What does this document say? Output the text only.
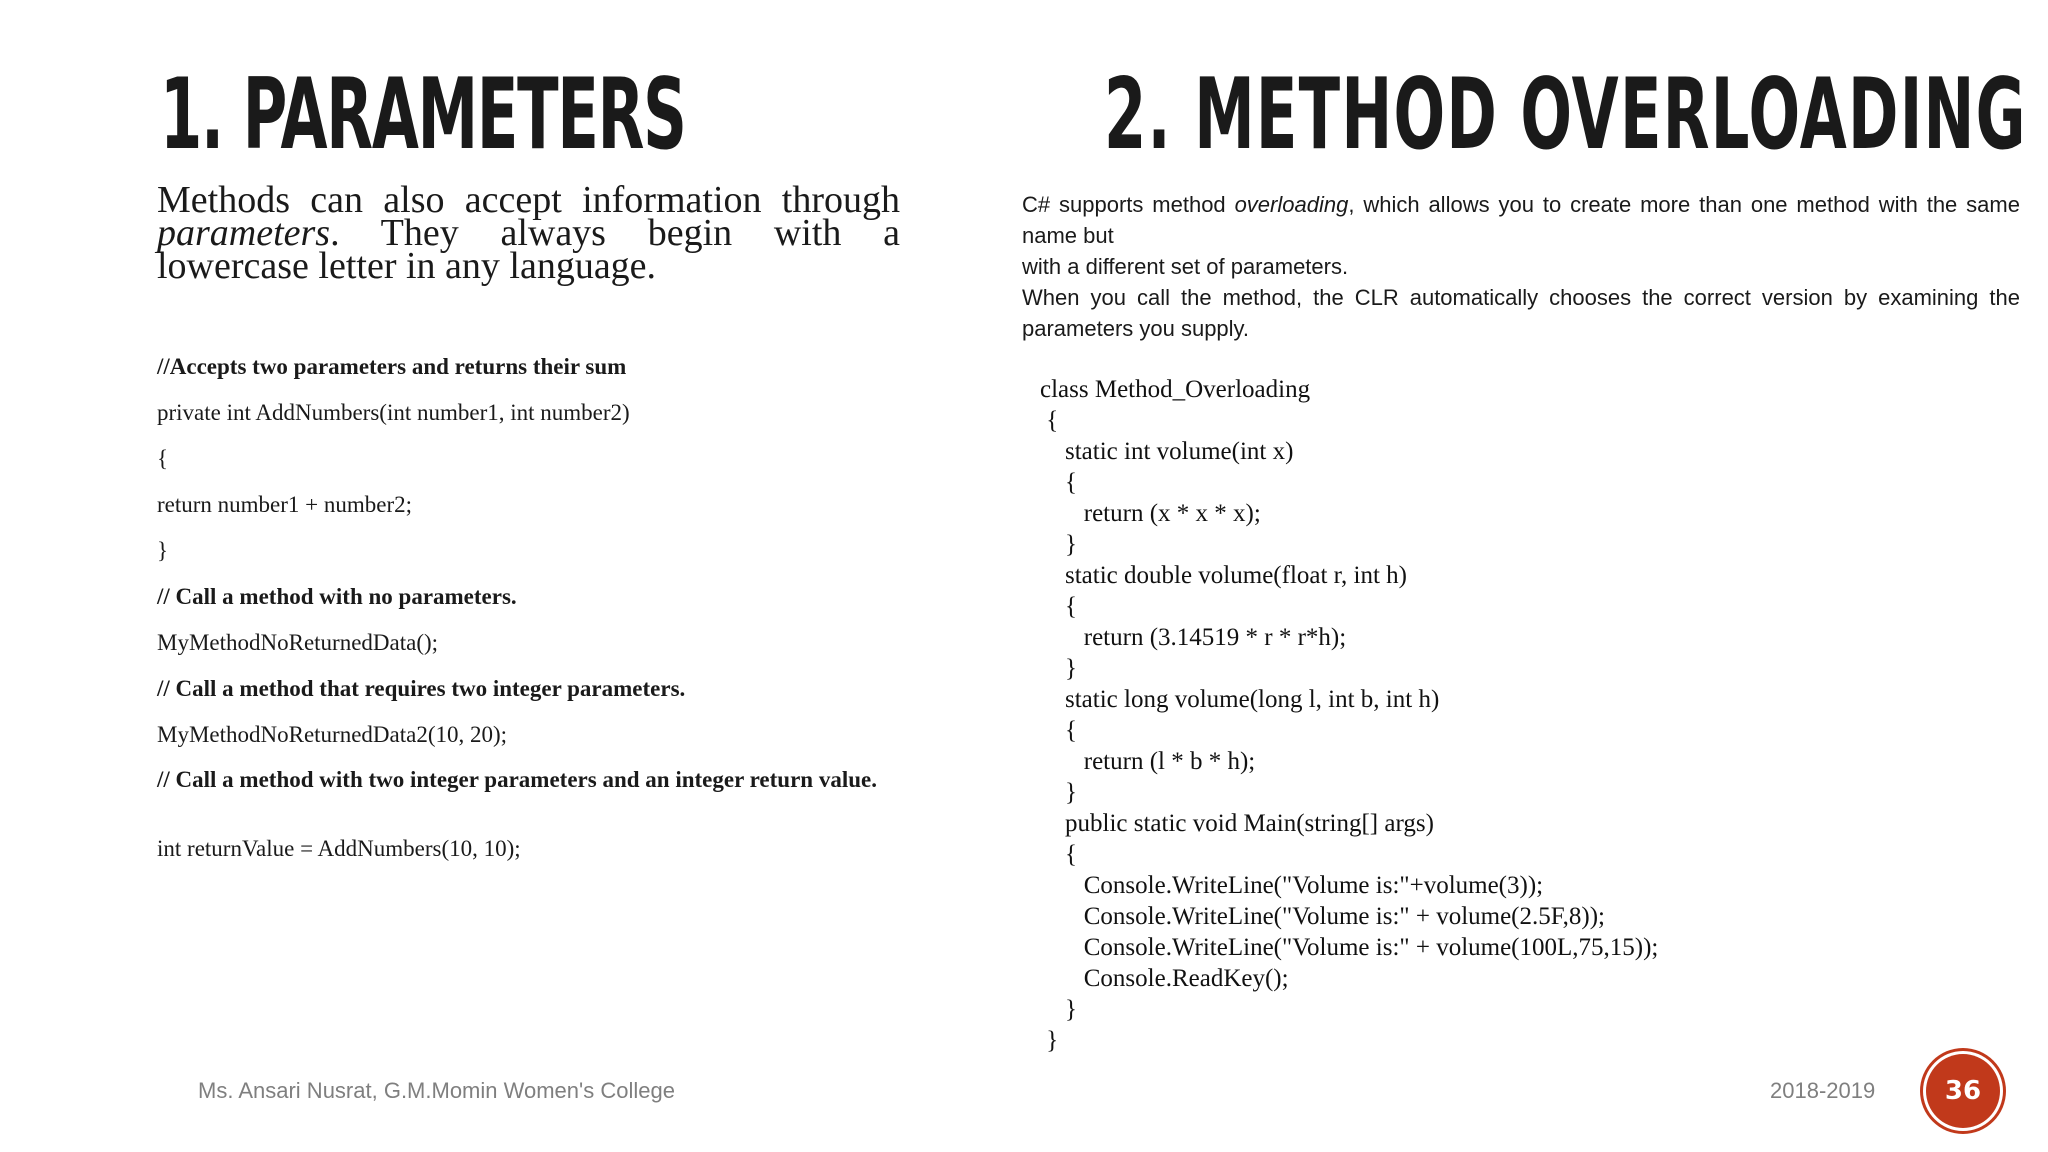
1. PARAMETERS	2. METHOD OVERLOADING
Methods can also accept information through parameters. They always begin with a lowercase letter in any language.
//Accepts two parameters and returns their sum
private int AddNumbers(int number1, int number2)
{
return number1 + number2;
}
// Call a method with no parameters.
MyMethodNoReturnedData();
// Call a method that requires two integer parameters.
MyMethodNoReturnedData2(10, 20);
// Call a method with two integer parameters and an integer return value.
int returnValue = AddNumbers(10, 10);

C# supports method overloading, which allows you to create more than one method with the same name but

with a different set of parameters.

When you call the method, the CLR automatically chooses the correct version by examining the parameters you supply.

class Method_Overloading
{
static int volume(int x)
{
return (x * x * x);
}
static double volume(float r, int h)
{
return (3.14519 * r * r*h);
}
static long volume(long l, int b, int h)
{
return (l * b * h);
}
public static void Main(string[] args)
{
Console.WriteLine("Volume is:"+volume(3));
Console.WriteLine("Volume is:" + volume(2.5F,8));
Console.WriteLine("Volume is:" + volume(100L,75,15));
Console.ReadKey();
}
}
Ms. Ansari Nusrat, G.M.Momin Women's College	2018-2019	36
